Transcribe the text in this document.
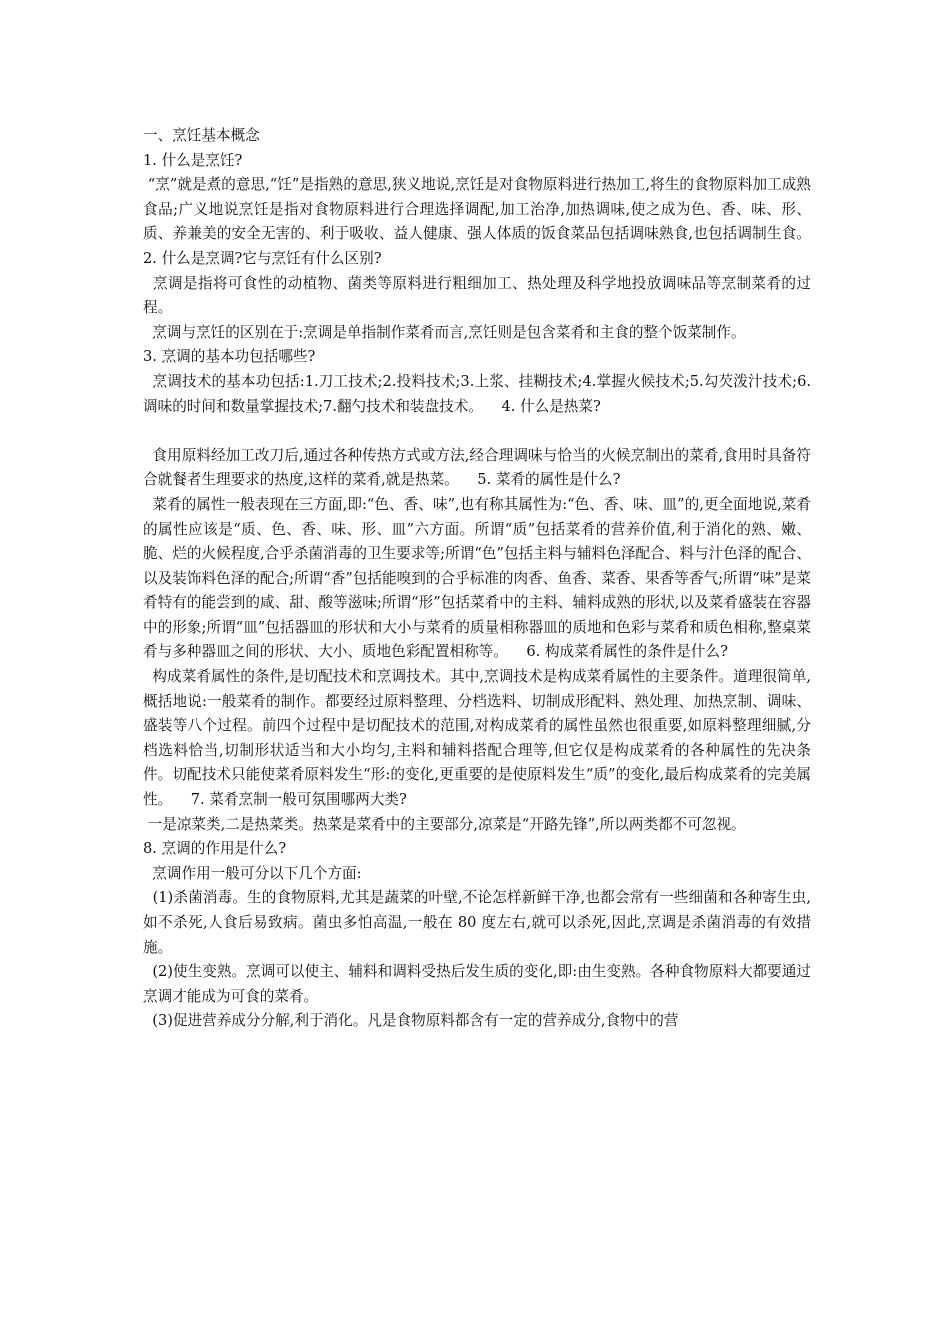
一、烹饪基本概念

1. 什么是烹饪?

“烹”就是煮的意思,“饪”是指熟的意思,狭义地说,烹饪是对食物原料进行热加工,将生的食物原料加工成熟食品;广义地说烹饪是指对食物原料进行合理选择调配,加工治净,加热调味,使之成为色、香、味、形、质、养兼美的安全无害的、利于吸收、益人健康、强人体质的饭食菜品包括调味熟食,也包括调制生食。    2. 什么是烹调?它与烹饪有什么区别?

烹调是指将可食性的动植物、菌类等原料进行粗细加工、热处理及科学地投放调味品等烹制菜肴的过程。

烹调与烹饪的区别在于:烹调是单指制作菜肴而言,烹饪则是包含菜肴和主食的整个饭菜制作。

3. 烹调的基本功包括哪些?

烹调技术的基本功包括:1.刀工技术;2.投料技术;3.上浆、挂糊技术;4.掌握火候技术;5.勾芡泼汁技术;6.调味的时间和数量掌握技术;7.翻勺技术和装盘技术。    4. 什么是热菜?

食用原料经加工改刀后,通过各种传热方式或方法,经合理调味与恰当的火候烹制出的菜肴,食用时具备符合就餐者生理要求的热度,这样的菜肴,就是热菜。    5. 菜肴的属性是什么?

菜肴的属性一般表现在三方面,即:“色、香、味”,也有称其属性为:“色、香、味、皿”的,更全面地说,菜肴的属性应该是“质、色、香、味、形、皿”六方面。所谓“质”包括菜肴的营养价值,利于消化的熟、嫩、脆、烂的火候程度,合乎杀菌消毒的卫生要求等;所谓“色”包括主料与辅料色泽配合、料与汁色泽的配合、以及装饰料色泽的配合;所谓“香”包括能嗅到的合乎标准的肉香、鱼香、菜香、果香等香气;所谓“味”是菜肴特有的能尝到的咸、甜、酸等滋味;所谓“形”包括菜肴中的主料、辅料成熟的形状,以及菜肴盛装在容器中的形象;所谓“皿”包括器皿的形状和大小与菜肴的质量相称器皿的质地和色彩与菜肴和质色相称,整桌菜肴与多种器皿之间的形状、大小、质地色彩配置相称等。    6. 构成菜肴属性的条件是什么?

构成菜肴属性的条件,是切配技术和烹调技术。其中,烹调技术是构成菜肴属性的主要条件。道理很简单,概括地说:一般菜肴的制作。都要经过原料整理、分档选料、切制成形配料、熟处理、加热烹制、调味、盛装等八个过程。前四个过程中是切配技术的范围,对构成菜肴的属性虽然也很重要,如原料整理细腻,分档选料恰当,切制形状适当和大小均匀,主料和辅料搭配合理等,但它仅是构成菜肴的各种属性的先决条件。切配技术只能使菜肴原料发生“形:的变化,更重要的是使原料发生“质”的变化,最后构成菜肴的完美属性。    7. 菜肴烹制一般可氛围哪两大类?

一是凉菜类,二是热菜类。热菜是菜肴中的主要部分,凉菜是“开路先锋”,所以两类都不可忽视。

8. 烹调的作用是什么?

烹调作用一般可分以下几个方面:

(1)杀菌消毒。生的食物原料,尤其是蔬菜的叶壁,不论怎样新鲜干净,也都会常有一些细菌和各种寄生虫,如不杀死,人食后易致病。菌虫多怕高温,一般在 80 度左右,就可以杀死,因此,烹调是杀菌消毒的有效措施。

(2)使生变熟。烹调可以使主、辅料和调料受热后发生质的变化,即:由生变熟。各种食物原料大都要通过烹调才能成为可食的菜肴。

(3)促进营养成分分解,利于消化。凡是食物原料都含有一定的营养成分,食物中的营
